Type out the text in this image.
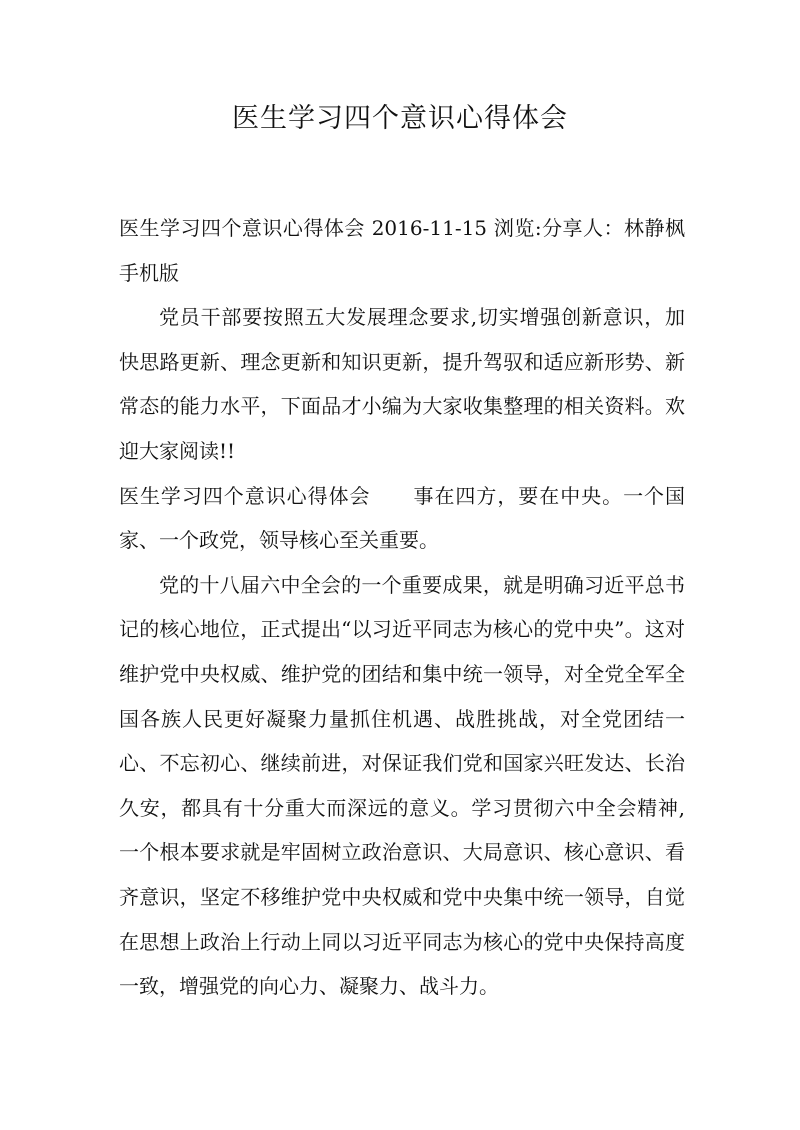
医生学习四个意识心得体会

医生学习四个意识心得体会 2016-11-15 浏览:分享人：林静枫手机版

党员干部要按照五大发展理念要求,切实增强创新意识，加快思路更新、理念更新和知识更新，提升驾驭和适应新形势、新常态的能力水平，下面品才小编为大家收集整理的相关资料。欢迎大家阅读!!

医生学习四个意识心得体会 事在四方，要在中央。一个国家、一个政党，领导核心至关重要。

党的十八届六中全会的一个重要成果，就是明确习近平总书记的核心地位，正式提出“以习近平同志为核心的党中央”。这对维护党中央权威、维护党的团结和集中统一领导，对全党全军全国各族人民更好凝聚力量抓住机遇、战胜挑战，对全党团结一心、不忘初心、继续前进，对保证我们党和国家兴旺发达、长治久安，都具有十分重大而深远的意义。学习贯彻六中全会精神,一个根本要求就是牢固树立政治意识、大局意识、核心意识、看齐意识，坚定不移维护党中央权威和党中央集中统一领导，自觉在思想上政治上行动上同以习近平同志为核心的党中央保持高度一致，增强党的向心力、凝聚力、战斗力。
